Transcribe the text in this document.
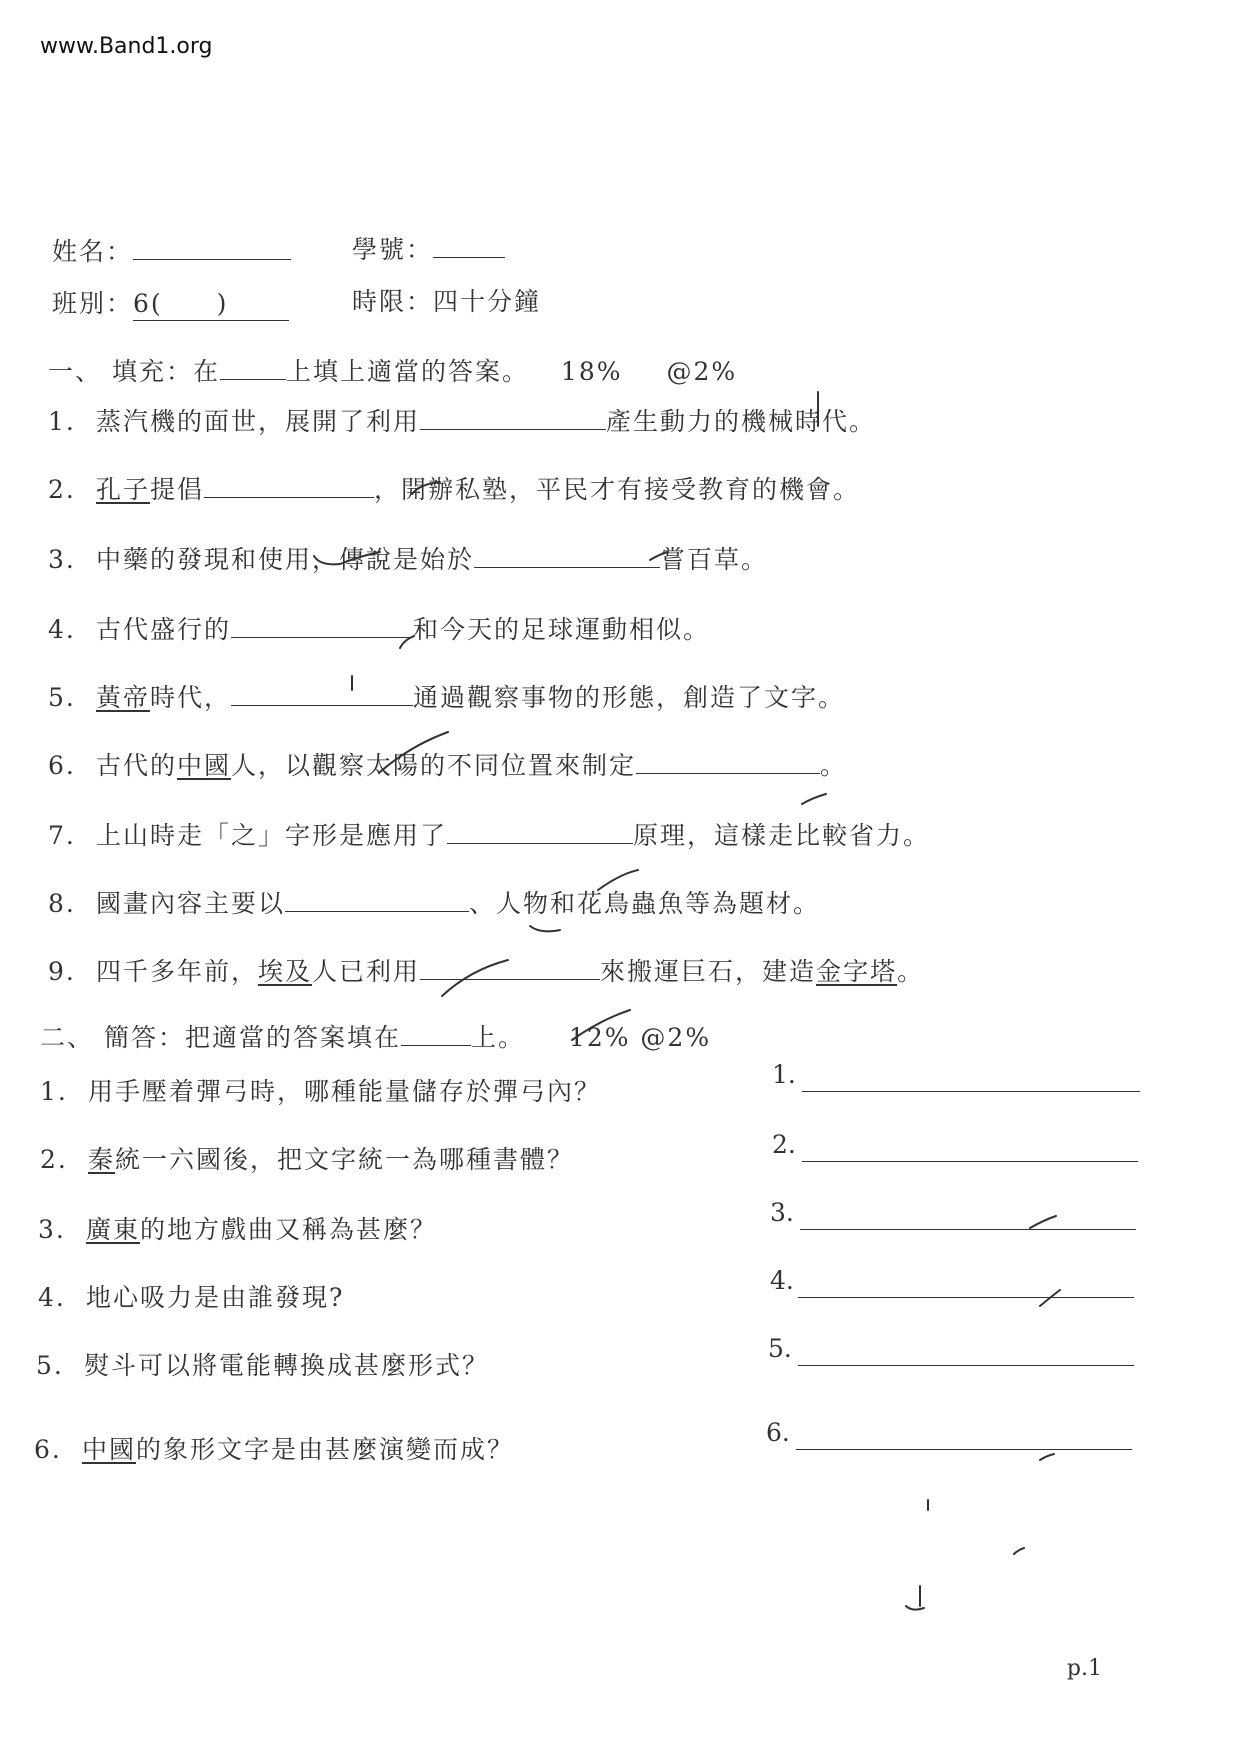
www.Band1.org
姓名：	學號：
班別：6(　　)	時限：四十分鐘
一、 填充：在	上填上適當的答案。 18% @2%
1. 蒸汽機的面世，展開了利用	產生動力的機械時代。
2. 孔子提倡	，開辦私塾，平民才有接受教育的機會。
3. 中藥的發現和使用，傳說是始於	嘗百草。
4. 古代盛行的	和今天的足球運動相似。
5. 黃帝時代，	通過觀察事物的形態，創造了文字。
6. 古代的中國人，以觀察太陽的不同位置來制定	。
7. 上山時走「之」字形是應用了	原理，這樣走比較省力。
8. 國畫內容主要以	、人物和花鳥蟲魚等為題材。
9. 四千多年前，埃及人已利用	來搬運巨石，建造金字塔。
二、 簡答：把適當的答案填在	上。 12% @2%
1. 用手壓着彈弓時，哪種能量儲存於彈弓內？
2. 秦統一六國後，把文字統一為哪種書體？
3. 廣東的地方戲曲又稱為甚麼？
4. 地心吸力是由誰發現?
5. 熨斗可以將電能轉換成甚麼形式？
6. 中國的象形文字是由甚麼演變而成？
1.
2.
3.
4.
5.
6.
p.1
